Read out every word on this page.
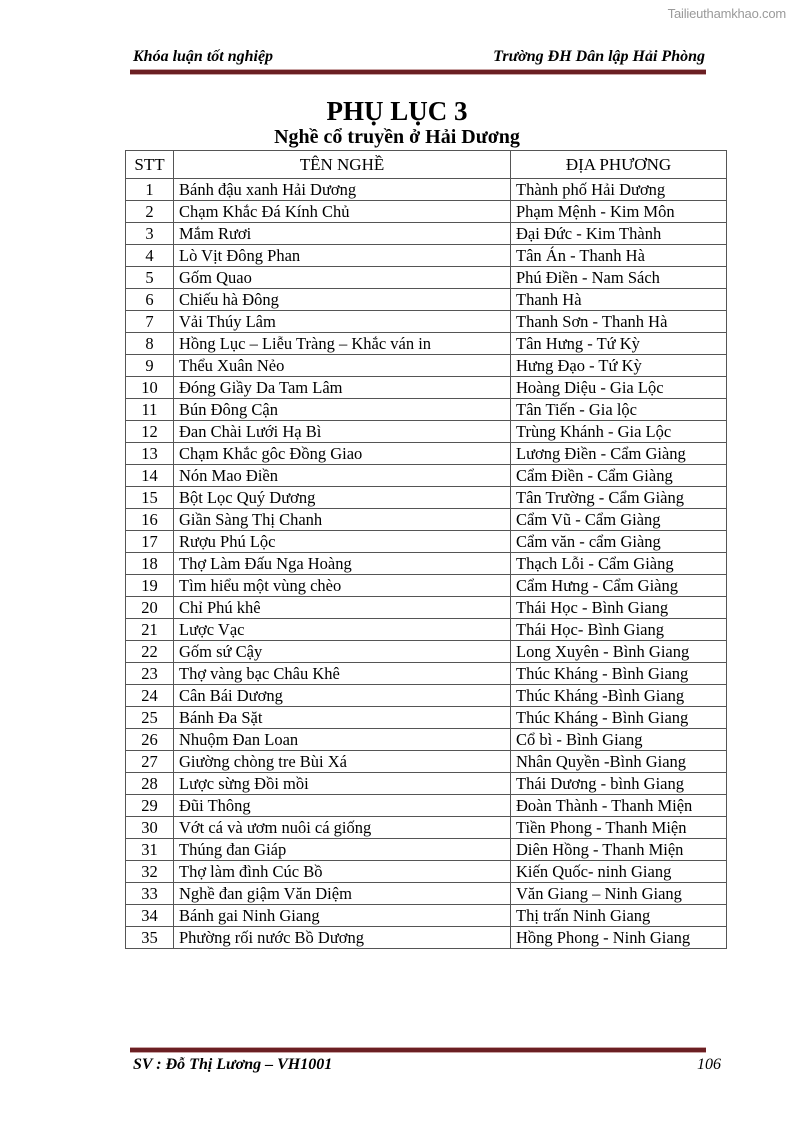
Tailieuthamkhao.com
Khóa luận tốt nghiệp	Trường ĐH Dân lập Hải Phòng
PHỤ LỤC 3
Nghề cổ truyền ở Hải Dương
STT	TÊN NGHỀ	ĐỊA PHƯƠNG
1	Bánh đậu xanh Hải Dương	Thành phố Hải Dương
2	Chạm Khắc Đá Kính Chủ	Phạm Mệnh - Kim Môn
3	Mắm Rươi	Đại Đức - Kim Thành
4	Lò Vịt Đông Phan	Tân Án - Thanh Hà
5	Gốm Quao	Phú Điền - Nam Sách
6	Chiếu hà Đông	Thanh Hà
7	Vải Thúy Lâm	Thanh Sơn - Thanh Hà
8	Hồng Lục – Liễu Tràng – Khắc ván in	Tân Hưng - Tứ Kỳ
9	Thểu Xuân Nẻo	Hưng Đạo - Tứ Kỳ
10	Đóng Giầy Da Tam Lâm	Hoàng Diệu - Gia Lộc
11	Bún Đông Cận	Tân Tiến - Gia lộc
12	Đan Chài Lưới Hạ Bì	Trùng Khánh - Gia Lộc
13	Chạm Khắc gôc Đồng Giao	Lương Điền - Cẩm Giàng
14	Nón Mao Điền	Cẩm Điền - Cẩm Giàng
15	Bột Lọc Quý Dương	Tân Trường - Cẩm Giàng
16	Giần Sàng Thị Chanh	Cẩm Vũ - Cẩm Giàng
17	Rượu Phú Lộc	Cẩm văn - cẩm Giàng
18	Thợ Làm Đấu Nga Hoàng	Thạch Lỗi - Cẩm Giàng
19	Tìm hiểu một vùng chèo	Cẩm Hưng - Cẩm Giàng
20	Chỉ Phú khê	Thái Học - Bình Giang
21	Lược Vạc	Thái Học- Bình Giang
22	Gốm sứ Cậy	Long Xuyên - Bình Giang
23	Thợ vàng bạc Châu Khê	Thúc Kháng - Bình Giang
24	Cân Bái Dương	Thúc Kháng -Bình Giang
25	Bánh Đa Sặt	Thúc Kháng - Bình Giang
26	Nhuộm Đan Loan	Cổ bì - Bình Giang
27	Giường chòng tre Bùi Xá	Nhân Quyền -Bình Giang
28	Lược sừng Đồi mồi	Thái Dương - bình Giang
29	Đũi Thông	Đoàn Thành - Thanh Miện
30	Vớt cá và ươm nuôi cá giống	Tiền Phong - Thanh Miện
31	Thúng đan Giáp	Diên Hồng - Thanh Miện
32	Thợ làm đình Cúc Bồ	Kiến Quốc- ninh Giang
33	Nghề đan giậm Văn Diệm	Văn Giang – Ninh Giang
34	Bánh gai Ninh Giang	Thị trấn Ninh Giang
35	Phường rối nước Bồ Dương	Hồng Phong - Ninh Giang
SV : Đỗ Thị Lương – VH1001	106
